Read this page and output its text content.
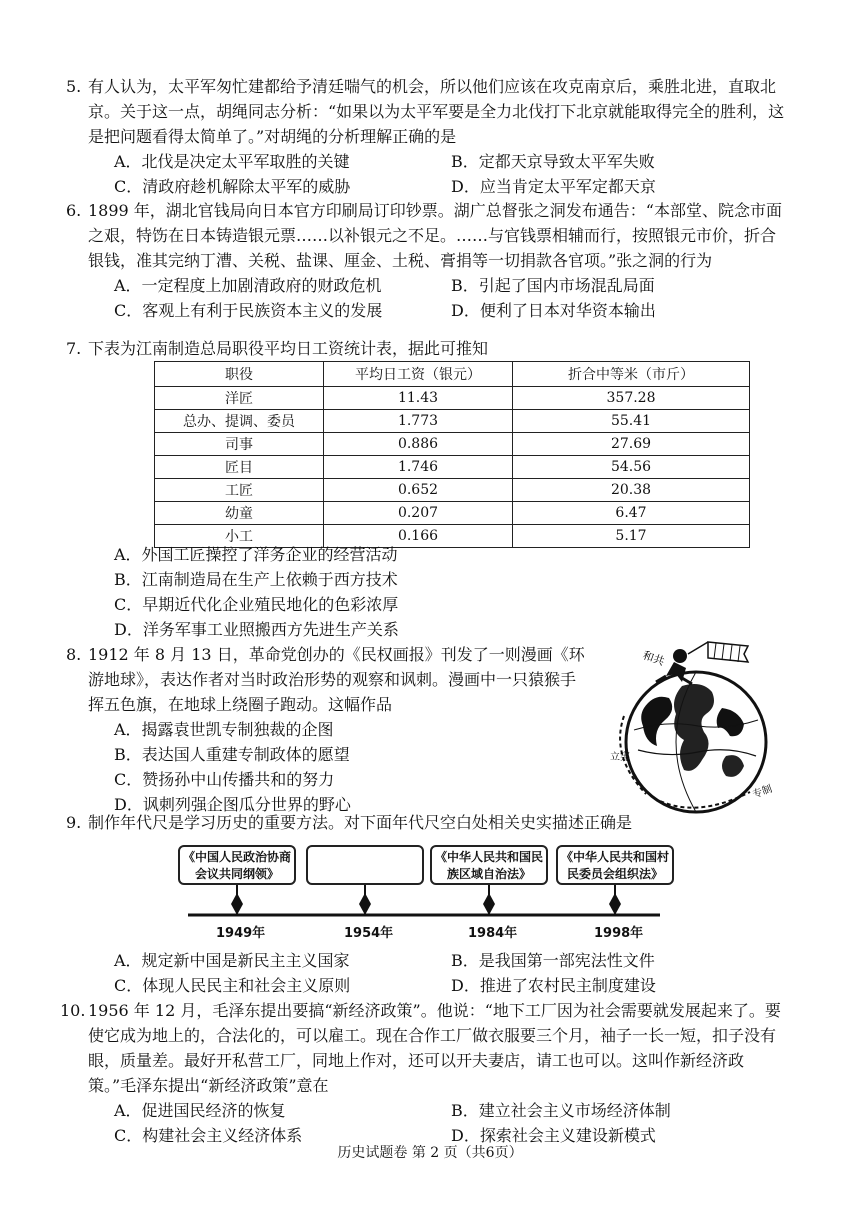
5. 有人认为，太平军匆忙建都给予清廷喘气的机会，所以他们应该在攻克南京后，乘胜北进，直取北京。关于这一点，胡绳同志分析：“如果以为太平军要是全力北伐打下北京就能取得完全的胜利，这是把问题看得太简单了。”对胡绳的分析理解正确的是

A．北伐是决定太平军取胜的关键	B．定都天京导致太平军失败
C．清政府趁机解除太平军的威胁	D．应当肯定太平军定都天京
6. 1899 年，湖北官钱局向日本官方印刷局订印钞票。湖广总督张之洞发布通告：“本部堂、院念市面之艰，特饬在日本铸造银元票……以补银元之不足。……与官钱票相辅而行，按照银元市价，折合银钱，准其完纳丁漕、关税、盐课、厘金、土税、膏捐等一切捐款各官项。”张之洞的行为

A．一定程度上加剧清政府的财政危机	B．引起了国内市场混乱局面
C．客观上有利于民族资本主义的发展	D．便利了日本对华资本输出
7. 下表为江南制造总局职役平均日工资统计表，据此可推知

职役	平均日工资（银元）	折合中等米（市斤）
洋匠	11.43	357.28
总办、提调、委员	1.773	55.41
司事	0.886	27.69
匠目	1.746	54.56
工匠	0.652	20.38
幼童	0.207	6.47
小工	0.166	5.17
A．外国工匠操控了洋务企业的经营活动
B．江南制造局在生产上依赖于西方技术
C．早期近代化企业殖民地化的色彩浓厚
D．洋务军事工业照搬西方先进生产关系
8. 1912 年 8 月 13 日，革命党创办的《民权画报》刊发了一则漫画《环游地球》，表达作者对当时政治形势的观察和讽刺。漫画中一只猿猴手挥五色旗，在地球上绕圈子跑动。这幅作品

A．揭露袁世凯专制独裁的企图
B．表达国人重建专制政体的愿望
C．赞扬孙中山传播共和的努力
D．讽刺列强企图瓜分世界的野心
和共
立宪
专制
9. 制作年代尺是学习历史的重要方法。对下面年代尺空白处相关史实描述正确是

《中国人民政治协商会议共同纲领》
《中华人民共和国民族区域自治法》
《中华人民共和国村民委员会组织法》
1949年	1954年	1984年	1998年
A．规定新中国是新民主主义国家	B．是我国第一部宪法性文件
C．体现人民民主和社会主义原则	D．推进了农村民主制度建设
10. 1956 年 12 月，毛泽东提出要搞“新经济政策”。他说：“地下工厂因为社会需要就发展起来了。要使它成为地上的，合法化的，可以雇工。现在合作工厂做衣服要三个月，袖子一长一短，扣子没有眼，质量差。最好开私营工厂，同地上作对，还可以开夫妻店，请工也可以。这叫作新经济政策。”毛泽东提出“新经济政策”意在

A．促进国民经济的恢复	B．建立社会主义市场经济体制
C．构建社会主义经济体系	D．探索社会主义建设新模式
历史试题卷 第 2 页（共6页）
